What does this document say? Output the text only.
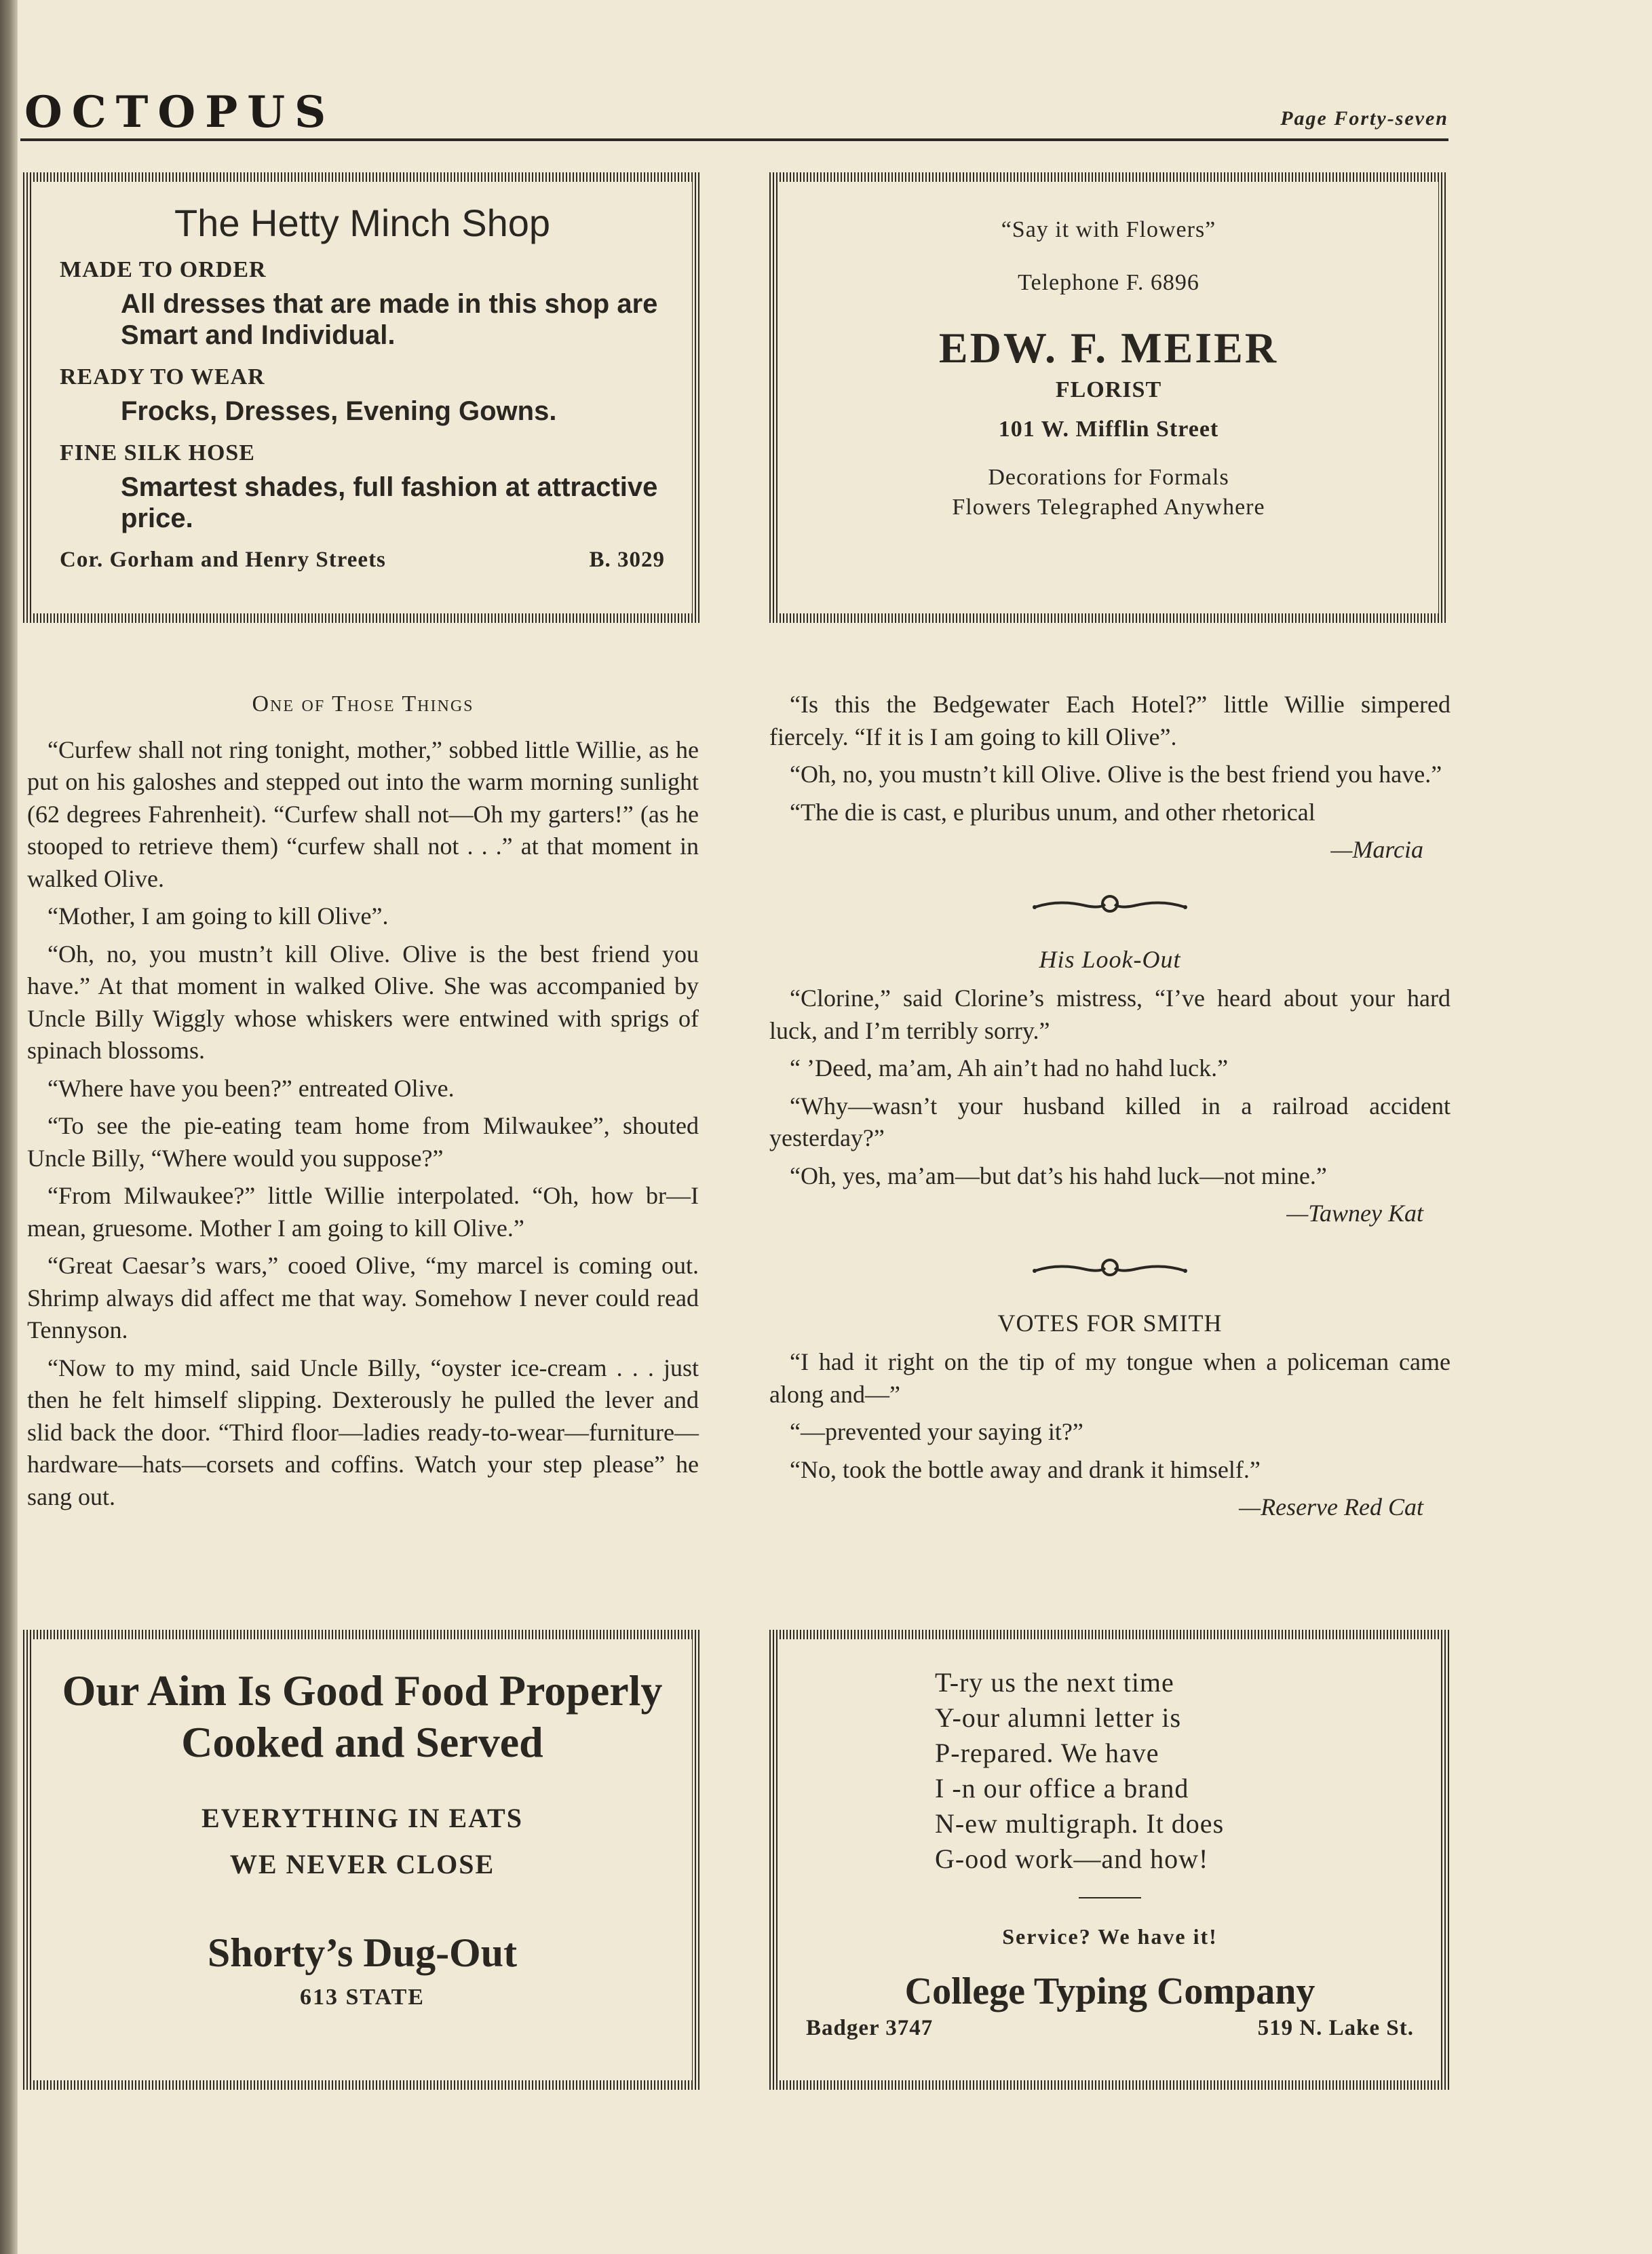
OCTOPUS	Page Forty-seven
The Hetty Minch Shop
MADE TO ORDER
All dresses that are made in this shop are Smart and Individual.
READY TO WEAR
Frocks, Dresses, Evening Gowns.
FINE SILK HOSE
Smartest shades, full fashion at attractive price.
Cor. Gorham and Henry Streets	B. 3029
“Say it with Flowers”
Telephone F. 6896
EDW. F. MEIER
FLORIST
101 W. Mifflin Street
Decorations for Formals
Flowers Telegraphed Anywhere
One of Those Things

“Curfew shall not ring tonight, mother,” sobbed little Willie, as he put on his galoshes and stepped out into the warm morning sunlight (62 degrees Fahrenheit). “Curfew shall not—Oh my garters!” (as he stooped to retrieve them) “curfew shall not . . .” at that moment in walked Olive.

“Mother, I am going to kill Olive”.

“Oh, no, you mustn’t kill Olive. Olive is the best friend you have.” At that moment in walked Olive. She was accompanied by Uncle Billy Wiggly whose whiskers were entwined with sprigs of spinach blossoms.

“Where have you been?” entreated Olive.

“To see the pie-eating team home from Milwaukee”, shouted Uncle Billy, “Where would you suppose?”

“From Milwaukee?” little Willie interpolated. “Oh, how br—I mean, gruesome. Mother I am going to kill Olive.”

“Great Caesar’s wars,” cooed Olive, “my marcel is coming out. Shrimp always did affect me that way. Somehow I never could read Tennyson.

“Now to my mind, said Uncle Billy, “oyster ice-cream . . . just then he felt himself slipping. Dexterously he pulled the lever and slid back the door. “Third floor—ladies ready-to-wear—furniture—hardware—hats—corsets and coffins. Watch your step please” he sang out.

“Is this the Bedgewater Each Hotel?” little Willie simpered fiercely. “If it is I am going to kill Olive”.

“Oh, no, you mustn’t kill Olive. Olive is the best friend you have.”

“The die is cast, e pluribus unum, and other rhetorical

—Marcia
His Look-Out

“Clorine,” said Clorine’s mistress, “I’ve heard about your hard luck, and I’m terribly sorry.”

“ ’Deed, ma’am, Ah ain’t had no hahd luck.”

“Why—wasn’t your husband killed in a railroad accident yesterday?”

“Oh, yes, ma’am—but dat’s his hahd luck—not mine.”

—Tawney Kat
VOTES FOR SMITH

“I had it right on the tip of my tongue when a policeman came along and—”

“—prevented your saying it?”

“No, took the bottle away and drank it himself.”

—Reserve Red Cat
Our Aim Is Good Food Properly Cooked and Served
EVERYTHING IN EATS
WE NEVER CLOSE
Shorty’s Dug-Out
613 STATE
T-ry us the next time
Y-our alumni letter is
P-repared. We have
I -n our office a brand
N-ew multigraph. It does
G-ood work—and how!
Service? We have it!
College Typing Company
Badger 3747	519 N. Lake St.
